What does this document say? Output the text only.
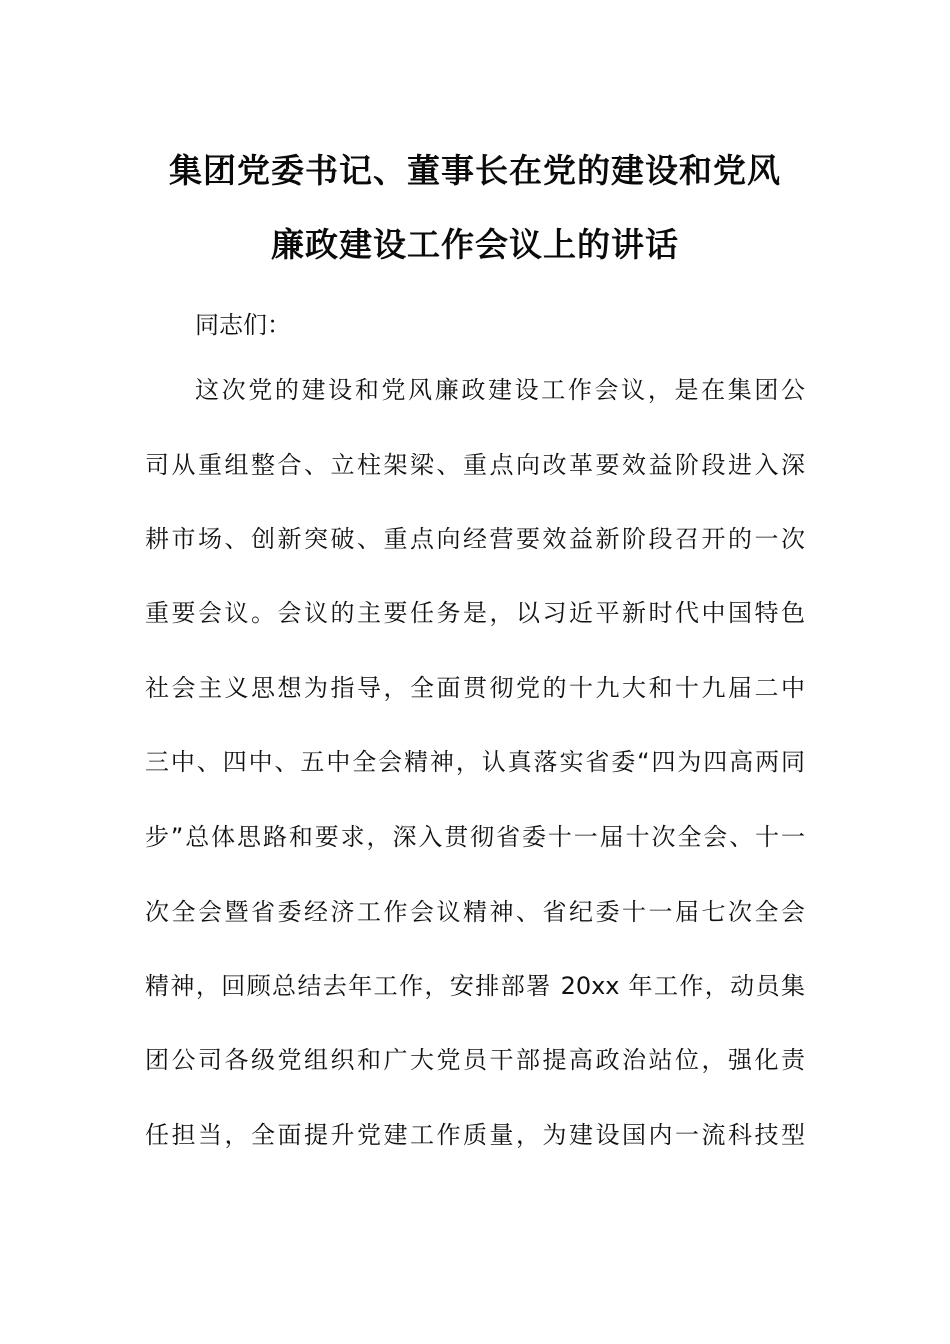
集团党委书记、董事长在党的建设和党风
廉政建设工作会议上的讲话
同志们：
这次党的建设和党风廉政建设工作会议，是在集团公
司从重组整合、立柱架梁、重点向改革要效益阶段进入深
耕市场、创新突破、重点向经营要效益新阶段召开的一次
重要会议。会议的主要任务是，以习近平新时代中国特色
社会主义思想为指导，全面贯彻党的十九大和十九届二中
三中、四中、五中全会精神，认真落实省委“四为四高两同
步”总体思路和要求，深入贯彻省委十一届十次全会、十一
次全会暨省委经济工作会议精神、省纪委十一届七次全会
精神，回顾总结去年工作，安排部署 20xx 年工作，动员集
团公司各级党组织和广大党员干部提高政治站位，强化责
任担当，全面提升党建工作质量，为建设国内一流科技型
